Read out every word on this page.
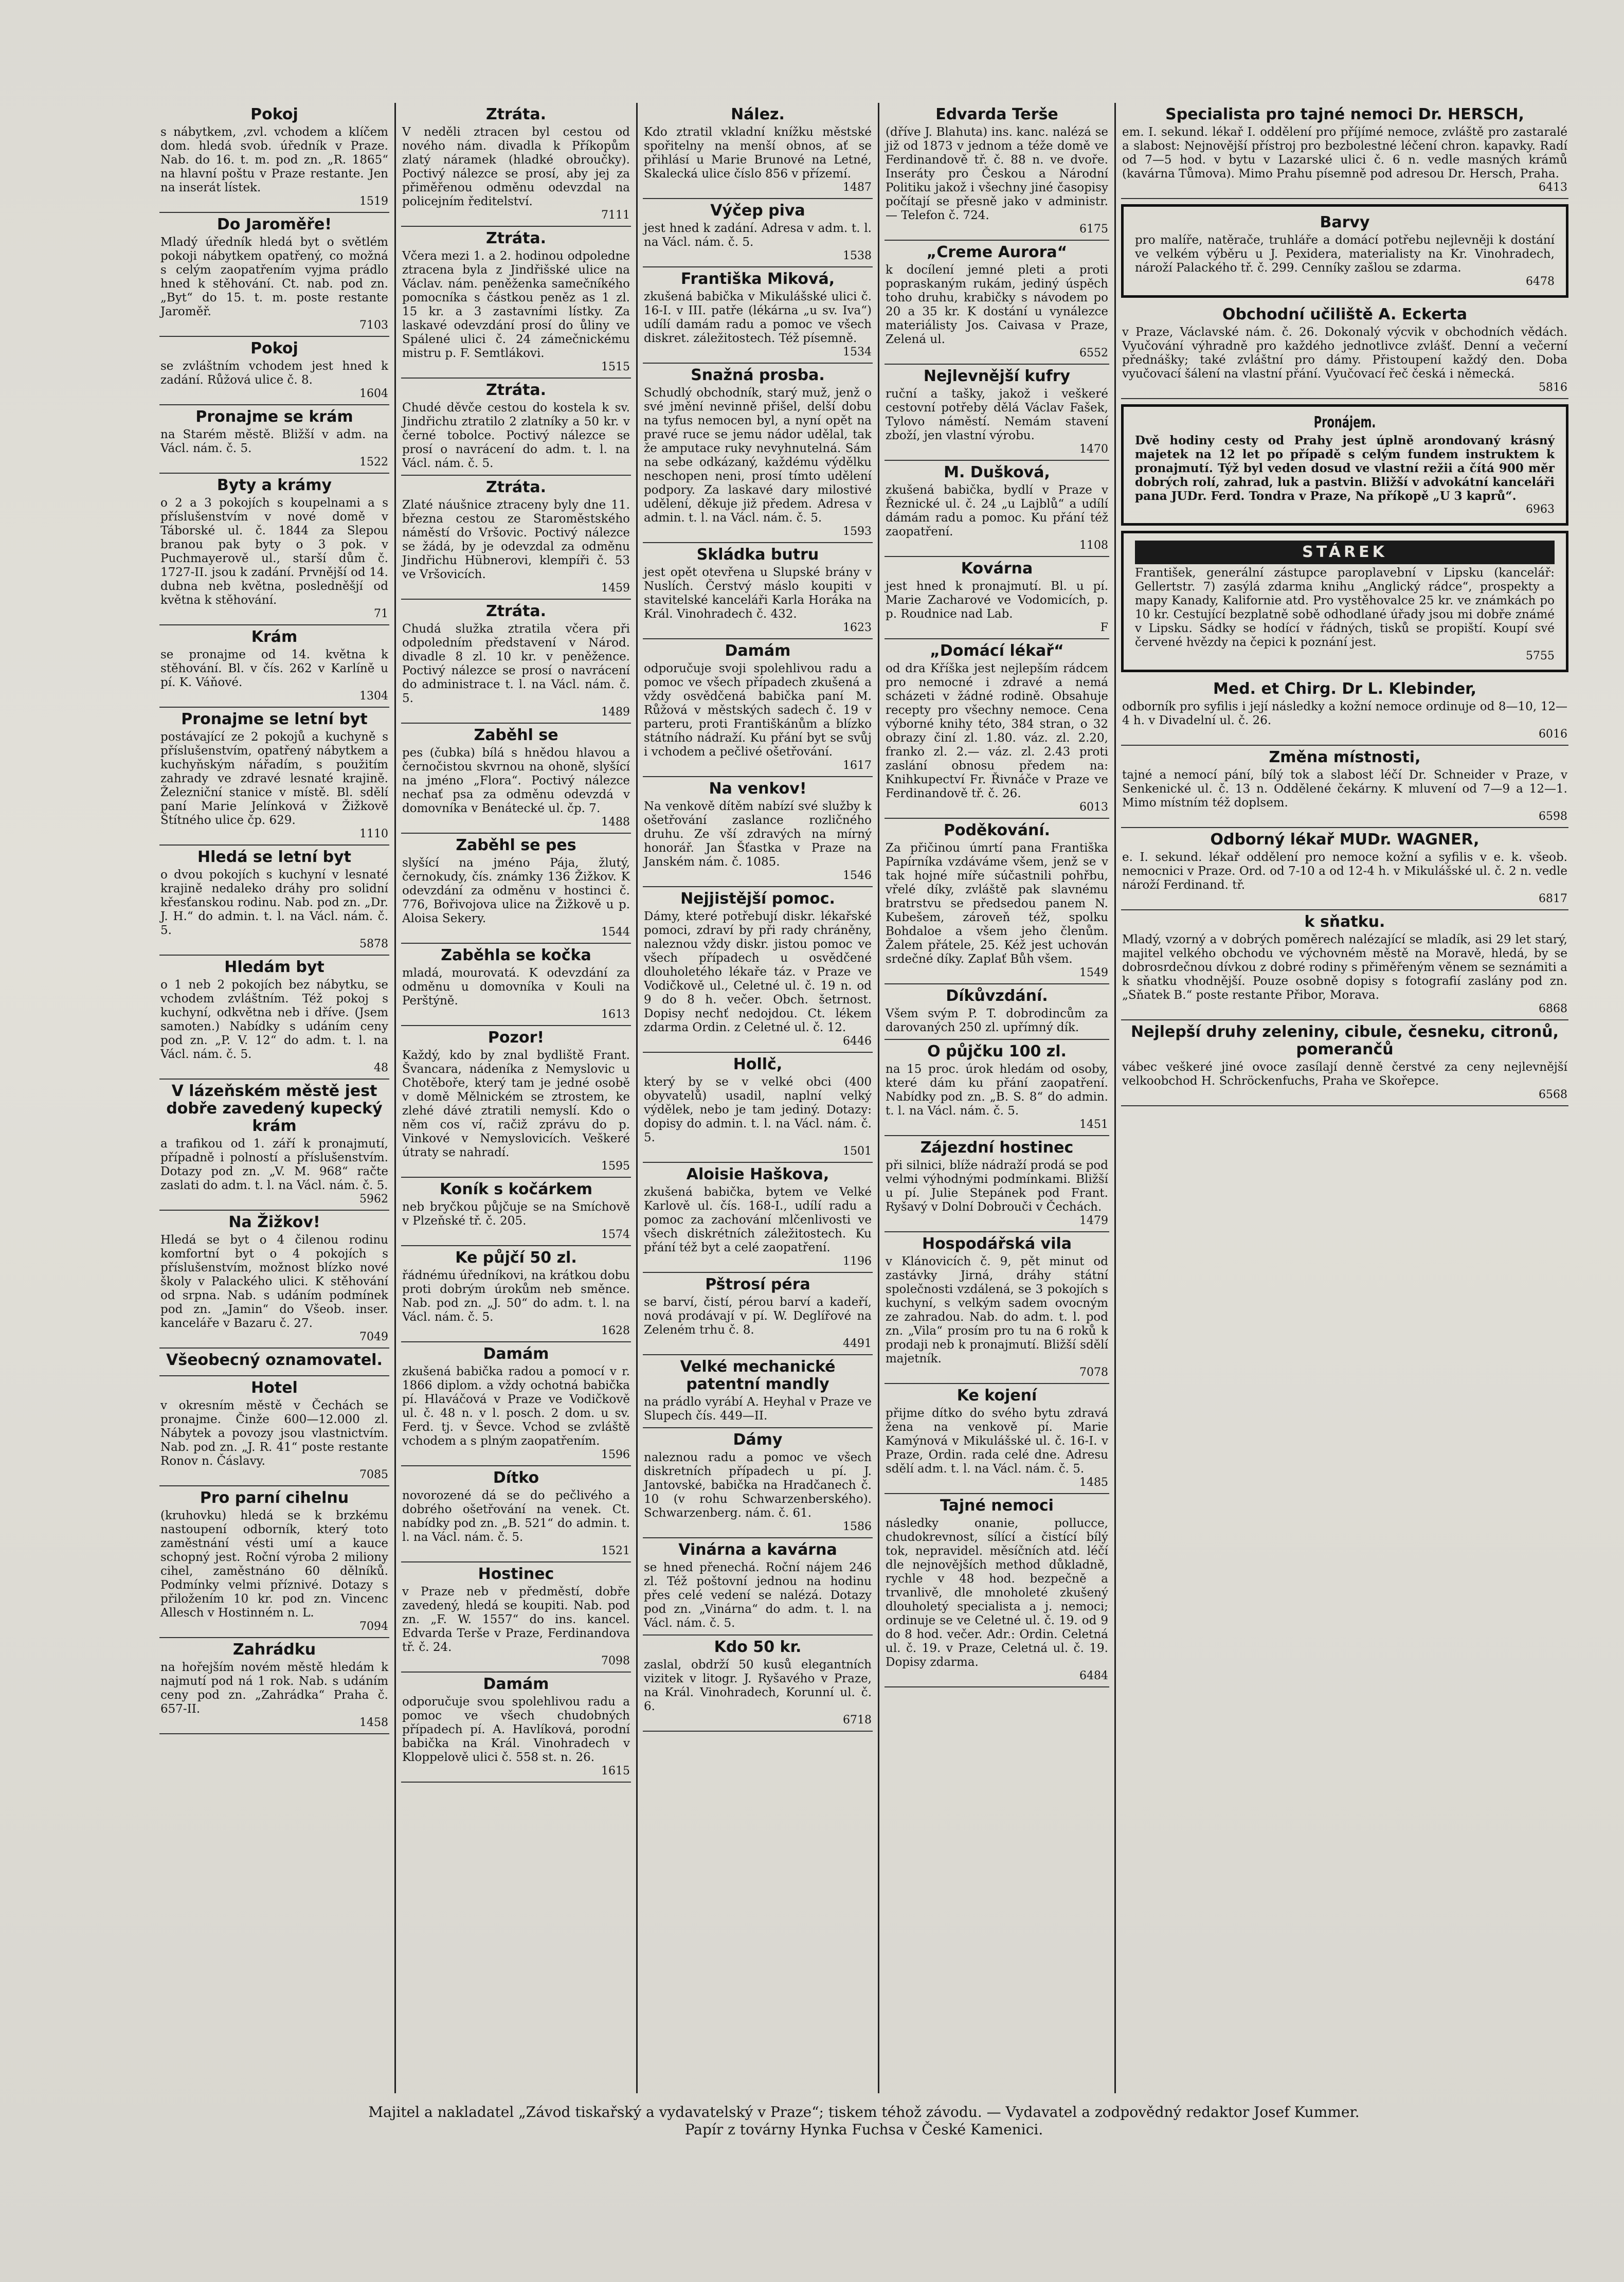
Pokoj

s nábytkem, ‚zvl. vchodem a klíčem dom. hledá svob. úředník v Praze. Nab. do 16. t. m. pod zn. „R. 1865“ na hlavní poštu v Praze restante. Jen na inserát lístek.

1519
Do Jaroměře!

Mladý úředník hledá byt o světlém pokoji nábytkem opatřený, co možná s celým zaopatřením vyjma prádlo hned k stěhování. Ct. nab. pod zn. „Byt“ do 15. t. m. poste restante Jaroměř.

7103
Pokoj

se zvláštním vchodem jest hned k zadání. Růžová ulice č. 8.

1604
Pronajme se krám

na Starém městě. Bližší v adm. na Václ. nám. č. 5.

1522
Byty a krámy

o 2 a 3 pokojích s koupelnami a s příslušenstvím v nové domě v Táborské ul. č. 1844 za Slepou branou pak byty o 3 pok. v Puchmayerově ul., starší dům č. 1727-II. jsou k zadání. Prvnější od 14. dubna neb května, posledněšjí od května k stěhování.

71
Krám

se pronajme od 14. května k stěhování. Bl. v čís. 262 v Karlíně u pí. K. Váňové.

1304
Pronajme se letní byt

postávající ze 2 pokojů a kuchyně s příslušenstvím, opatřený nábytkem a kuchyňským nářadím, s použitím zahrady ve zdravé lesnaté krajině. Železniční stanice v místě. Bl. sdělí paní Marie Jelínková v Žižkově Štítného ulice čp. 629.

1110
Hledá se letní byt

o dvou pokojích s kuchyní v lesnaté krajině nedaleko dráhy pro solidní křesťanskou rodinu. Nab. pod zn. „Dr. J. H.“ do admin. t. l. na Václ. nám. č. 5.

5878
Hledám byt

o 1 neb 2 pokojích bez nábytku, se vchodem zvláštním. Též pokoj s kuchyní, odkvětna neb i dříve. (Jsem samoten.) Nabídky s udáním ceny pod zn. „P. V. 12“ do adm. t. l. na Václ. nám. č. 5.

48
V lázeňském městě jest dobře zavedený kupecký krám

a trafikou od 1. září k pronajmutí, případně i polností a příslušenstvím. Dotazy pod zn. „V. M. 968“ račte zaslati do adm. t. l. na Václ. nám. č. 5.

5962
Na Žižkov!

Hledá se byt o 4 čilenou rodinu komfortní byt o 4 pokojích s příslušenstvím, možnost blízko nové školy v Palackého ulici. K stěhování od srpna. Nab. s udáním podmínek pod zn. „Jamin“ do Všeob. inser. kanceláře v Bazaru č. 27.

7049
Všeobecný oznamovatel.
Hotel

v okresním městě v Čechách se pronajme. Činže 600—12.000 zl. Nábytek a povozy jsou vlastnictvím. Nab. pod zn. „J. R. 41“ poste restante Ronov n. Čáslavy.

7085
Pro parní cihelnu

(kruhovku) hledá se k brzkému nastoupení odborník, který toto zaměstnání vésti umí a kauce schopný jest. Roční výroba 2 miliony cihel, zaměstnáno 60 dělníků. Podmínky velmi příznivé. Dotazy s přiložením 10 kr. pod zn. Vincenc Allesch v Hostinném n. L.

7094
Zahrádku

na hořejším novém městě hledám k najmutí pod ná 1 rok. Nab. s udáním ceny pod zn. „Zahrádka“ Praha č. 657-II.

1458
Ztráta.

V neděli ztracen byl cestou od nového nám. divadla k Příkopům zlatý náramek (hladké obroučky). Poctivý nálezce se prosí, aby jej za přiměřenou odměnu odevzdal na policejním ředitelství.

7111
Ztráta.

Včera mezi 1. a 2. hodinou odpoledne ztracena byla z Jindřišské ulice na Václav. nám. peněženka samečníkého pomocníka s částkou peněz as 1 zl. 15 kr. a 3 zastavními lístky. Za laskavé odevzdání prosí do ůliny ve Spálené ulici č. 24 zámečnickému mistru p. F. Semtlákovi.

1515
Ztráta.

Chudé děvče cestou do kostela k sv. Jindřichu ztratilo 2 zlatníky a 50 kr. v černé tobolce. Poctivý nálezce se prosí o navrácení do adm. t. l. na Václ. nám. č. 5.

Ztráta.

Zlaté náušnice ztraceny byly dne 11. března cestou ze Staroměstského náměstí do Vršovic. Poctivý nálezce se žádá, by je odevzdal za odměnu Jindřichu Hübnerovi, klempíři č. 53 ve Vršovicích.

1459
Ztráta.

Chudá služka ztratila včera při odpoledním představení v Národ. divadle 8 zl. 10 kr. v peněžence. Poctivý nálezce se prosí o navrácení do administrace t. l. na Václ. nám. č. 5.

1489
Zaběhl se

pes (čubka) bílá s hnědou hlavou a černočistou skvrnou na ohoně, slyšící na jméno „Flora“. Poctivý nálezce nechať psa za odměnu odevzdá v domovníka v Benátecké ul. čp. 7.

1488
Zaběhl se pes

slyšící na jméno Pája, žlutý, černokudy, čís. známky 136 Žižkov. K odevzdání za odměnu v hostinci č. 776, Bořivojova ulice na Žižkově u p. Aloisa Sekery.

1544
Zaběhla se kočka

mladá, mourovatá. K odevzdání za odměnu u domovníka v Kouli na Perštýně.

1613
Pozor!

Každý, kdo by znal bydliště Frant. Švancara, nádeníka z Nemyslovic u Chotěboře, který tam je jedné osobě v domě Mělnickém se ztrostem, ke zlehé dávé ztratili nemyslí. Kdo o něm cos ví, račiž zprávu do p. Vinkové v Nemyslovicích. Veškeré útraty se nahradí.

1595
Koník s kočárkem

neb bryčkou půjčuje se na Smíchově v Plzeňské tř. č. 205.

1574
Ke půjčí 50 zl.

řádnému úředníkovi, na krátkou dobu proti dobrým úrokům neb směnce. Nab. pod zn. „J. 50“ do adm. t. l. na Václ. nám. č. 5.

1628
Damám

zkušená babička radou a pomocí v r. 1866 diplom. a vždy ochotná babička pí. Hlaváčová v Praze ve Vodičkově ul. č. 48 n. v l. posch. 2 dom. u sv. Ferd. tj. v Ševce. Vchod se zvláště vchodem a s plným zaopatřením.

1596
Dítko

novorozené dá se do pečlivého a dobrého ošetřování na venek. Ct. nabídky pod zn. „B. 521“ do admin. t. l. na Václ. nám. č. 5.

1521
Hostinec

v Praze neb v předměstí, dobře zavedený, hledá se koupiti. Nab. pod zn. „F. W. 1557“ do ins. kancel. Edvarda Terše v Praze, Ferdinandova tř. č. 24.

7098
Damám

odporučuje svou spolehlivou radu a pomoc ve všech chudobných případech pí. A. Havlíková, porodní babička na Král. Vinohradech v Kloppelově ulici č. 558 st. n. 26.

1615
Nález.

Kdo ztratil vkladní knížku městské spořitelny na menší obnos, ať se přihlásí u Marie Brunové na Letné, Skalecká ulice číslo 856 v přízemí.

1487
Výčep piva

jest hned k zadání. Adresa v adm. t. l. na Václ. nám. č. 5.

1538
Františka Miková,

zkušená babička v Mikulášské ulici č. 16-I. v III. patře (lékárna „u sv. Iva“) udílí damám radu a pomoc ve všech diskret. záležitostech. Též písemně.

1534
Snažná prosba.

Schudlý obchodník, starý muž, jenž o své jmění nevinně přišel, delší dobu na tyfus nemocen byl, a nyní opět na pravé ruce se jemu nádor udělal, tak že amputace ruky nevyhnutelná. Sám na sebe odkázaný, každému výdělku neschopen neni, prosí tímto udělení podpory. Za laskavé dary milostivé udělení, děkuje již předem. Adresa v admin. t. l. na Václ. nám. č. 5.

1593
Skládka butru

jest opět otevřena u Slupské brány v Nuslích. Čerstvý máslo koupiti v stavitelské kanceláři Karla Horáka na Král. Vinohradech č. 432.

1623
Damám

odporučuje svoji spolehlivou radu a pomoc ve všech případech zkušená a vždy osvědčená babička paní M. Růžová v městských sadech č. 19 v parteru, proti Františkánům a blízko státního nádraží. Ku přání byt se svůj i vchodem a pečlivé ošetřování.

1617
Na venkov!

Na venkově dítěm nabízí své služby k ošetřování zaslance rozličného druhu. Ze vší zdravých na mírný honorář. Jan Šťastka v Praze na Janském nám. č. 1085.

1546
Nejjistější pomoc.

Dámy, které potřebují diskr. lékařské pomoci, zdraví by při rady chráněny, naleznou vždy diskr. jistou pomoc ve všech případech u osvědčené dlouholetého lékaře táz. v Praze ve Vodičkově ul., Celetné ul. č. 19 n. od 9 do 8 h. večer. Obch. šetrnost. Dopisy nechť nedojdou. Ct. lékem zdarma Ordin. z Celetné ul. č. 12.

6446
Hollč,

který by se v velké obci (400 obyvatelů) usadil, naplní velký výdělek, nebo je tam jediný. Dotazy: dopisy do admin. t. l. na Václ. nám. č. 5.

1501
Aloisie Haškova,

zkušená babička, bytem ve Velké Karlově ul. čís. 168-I., udílí radu a pomoc za zachování mlčenlivosti ve všech diskrétních záležitostech. Ku přání též byt a celé zaopatření.

1196
Pštrosí péra

se barví, čistí, pérou barví a kadeří, nová prodávají v pí. W. Deglířové na Zeleném trhu č. 8.

4491
Velké mechanické patentní mandly

na prádlo vyrábí A. Heyhal v Praze ve Slupech čís. 449—II.

Dámy

naleznou radu a pomoc ve všech diskretních případech u pí. J. Jantovské, babička na Hradčanech č. 10 (v rohu Schwarzenberského). Schwarzenberg. nám. č. 61.

1586
Vinárna a kavárna

se hned přenechá. Roční nájem 246 zl. Též poštovní jednou na hodinu přes celé vedení se nalézá. Dotazy pod zn. „Vinárna“ do adm. t. l. na Václ. nám. č. 5.

Kdo 50 kr.

zaslal, obdrží 50 kusů elegantních vizitek v litogr. J. Ryšavého v Praze, na Král. Vinohradech, Korunní ul. č. 6.

6718
Edvarda Terše

(dříve J. Blahuta) ins. kanc. nalézá se již od 1873 v jednom a téže domě ve Ferdinandově tř. č. 88 n. ve dvoře. Inseráty pro Českou a Národní Politiku jakož i všechny jiné časopisy počítají se přesně jako v administr. — Telefon č. 724.

6175
„Creme Aurora“

k docílení jemné pleti a proti popraskaným rukám, jediný úspěch toho druhu, krabičky s návodem po 20 a 35 kr. K dostání u vynálezce materiálisty Jos. Caivasa v Praze, Zelená ul.

6552
Nejlevnější kufry

ruční a tašky, jakož i veškeré cestovní potřeby dělá Václav Fašek, Tylovo náměstí. Nemám stavení zboží, jen vlastní výrobu.

1470
M. Dušková,

zkušená babička, bydlí v Praze v Řeznické ul. č. 24 „u Lajblů“ a udílí dámám radu a pomoc. Ku přání též zaopatření.

1108
Kovárna

jest hned k pronajmutí. Bl. u pí. Marie Zacharové ve Vodomicích, p. p. Roudnice nad Lab.

F
„Domácí lékař“

od dra Kříška jest nejlepším rádcem pro nemocné i zdravé a nemá scházeti v žádné rodině. Obsahuje recepty pro všechny nemoce. Cena výborné knihy této, 384 stran, o 32 obrazy činí zl. 1.80. váz. zl. 2.20, franko zl. 2.— váz. zl. 2.43 proti zaslání obnosu předem na: Knihkupectví Fr. Řivnáče v Praze ve Ferdinandově tř. č. 26.

6013
Poděkování.

Za přičinou úmrtí pana Františka Papírníka vzdáváme všem, jenž se v tak hojné míře súčastnili pohřbu, vřelé díky, zvláště pak slavnému bratrstvu se předsedou panem N. Kubešem, zároveň též, spolku Bohdaloe a všem jeho členům. Žalem přátele, 25. Kéž jest uchován srdečné díky. Zaplať Bůh všem.

1549
Díkůvzdání.

Všem svým P. T. dobrodincům za darovaných 250 zl. upřímný dík.

O půjčku 100 zl.

na 15 proc. úrok hledám od osoby, které dám ku přání zaopatření. Nabídky pod zn. „B. S. 8“ do admin. t. l. na Václ. nám. č. 5.

1451
Zájezdní hostinec

při silnici, blíže nádraží prodá se pod velmi výhodnými podmínkami. Bližší u pí. Julie Stepánek pod Frant. Ryšavý v Dolní Dobrouči v Čechách.

1479
Hospodářská vila

v Klánovicích č. 9, pět minut od zastávky Jirná, dráhy státní společnosti vzdálená, se 3 pokojích s kuchyní, s velkým sadem ovocným ze zahradou. Nab. do adm. t. l. pod zn. „Vila“ prosím pro tu na 6 roků k prodaji neb k pronajmutí. Bližší sdělí majetník.

7078
Ke kojení

přijme dítko do svého bytu zdravá žena na venkově pí. Marie Kamýnová v Mikulášské ul. č. 16-I. v Praze, Ordin. rada celé dne. Adresu sdělí adm. t. l. na Václ. nám. č. 5.

1485
Tajné nemoci

následky onanie, pollucce, chudokrevnost, sílící a čistící bílý tok, nepravidel. měsíčních atd. léčí dle nejnovějších method důkladně, rychle v 48 hod. bezpečně a trvanlivě, dle mnoholeté zkušený dlouholetý specialista a j. nemoci; ordinuje se ve Celetné ul. č. 19. od 9 do 8 hod. večer. Adr.: Ordin. Celetná ul. č. 19. v Praze, Celetná ul. č. 19. Dopisy zdarma.

6484
Specialista pro tajné nemoci Dr. HERSCH,

em. I. sekund. lékař I. oddělení pro příjímé nemoce, zvláště pro zastaralé a slabost: Nejnovější přístroj pro bezbolestné léčení chron. kapavky. Radí od 7—5 hod. v bytu v Lazarské ulici č. 6 n. vedle masných krámů (kavárna Tůmova). Mimo Prahu písemně pod adresou Dr. Hersch, Praha.

6413
Barvy

pro malíře, natěrače, truhláře a domácí potřebu nejlevněji k dostání ve velkém výběru u J. Pexidera, materialisty na Kr. Vinohradech, nároží Palackého tř. č. 299. Cenníky zašlou se zdarma.

6478
Obchodní učiliště A. Eckerta

v Praze, Václavské nám. č. 26. Dokonalý výcvik v obchodních vědách. Vyučování výhradně pro každého jednotlivce zvlášť. Denní a večerní přednášky; také zvláštní pro dámy. Přistoupení každý den. Doba vyučovací šálení na vlastní přání. Vyučovací řeč česká i německá.

5816
Pronájem.

Dvě hodiny cesty od Prahy jest úplně arondovaný krásný majetek na 12 let po případě s celým fundem instruktem k pronajmutí. Týž byl veden dosud ve vlastní režii a čítá 900 měr dobrých rolí, zahrad, luk a pastvin. Bližší v advokátní kanceláři pana JUDr. Ferd. Tondra v Praze, Na příkopě „U 3 kaprů“.

6963
STÁREK

František, generální zástupce paroplavební v Lipsku (kancelář: Gellertstr. 7) zasýlá zdarma knihu „Anglický rádce“, prospekty a mapy Kanady, Kalifornie atd. Pro vystěhovalce 25 kr. ve známkách po 10 kr. Cestující bezplatně sobě odhodlané úřady jsou mi dobře známé v Lipsku. Sádky se hodící v řádných, tisků se propiští. Koupí své červené hvězdy na čepici k poznání jest.

5755
Med. et Chirg. Dr L. Klebinder,

odborník pro syfilis i její následky a kožní nemoce ordinuje od 8—10, 12—4 h. v Divadelní ul. č. 26.

6016
Změna místnosti,

tajné a nemocí pání, bílý tok a slabost léčí Dr. Schneider v Praze, v Senkenické ul. č. 13 n. Oddělené čekárny. K mluvení od 7—9 a 12—1. Mimo místním též doplsem.

6598
Odborný lékař MUDr. WAGNER,

e. I. sekund. lékař oddělení pro nemoce kožní a syfilis v e. k. všeob. nemocnici v Praze. Ord. od 7-10 a od 12-4 h. v Mikulášské ul. č. 2 n. vedle nároží Ferdinand. tř.

6817
k sňatku.

Mladý, vzorný a v dobrých poměrech nalézající se mladík, asi 29 let starý, majitel velkého obchodu ve výchovném městě na Moravě, hledá, by se dobrosrdečnou dívkou z dobré rodiny s přiměřeným věnem se seznámiti a k sňatku vhodnější. Pouze osobně dopisy s fotografií zaslány pod zn. „Sňatek B.“ poste restante Přibor, Morava.

6868
Nejlepší druhy zeleniny, cibule, česneku, citronů, pomerančů

vábec veškeré jiné ovoce zasílají denně čerstvé za ceny nejlevnější velkoobchod H. Schröckenfuchs, Praha ve Skořepce.

6568
Majitel a nakladatel „Závod tiskařský a vydavatelský v Praze“; tiskem téhož závodu. — Vydavatel a zodpovědný redaktor Josef Kummer.
Papír z továrny Hynka Fuchsa v České Kamenici.
